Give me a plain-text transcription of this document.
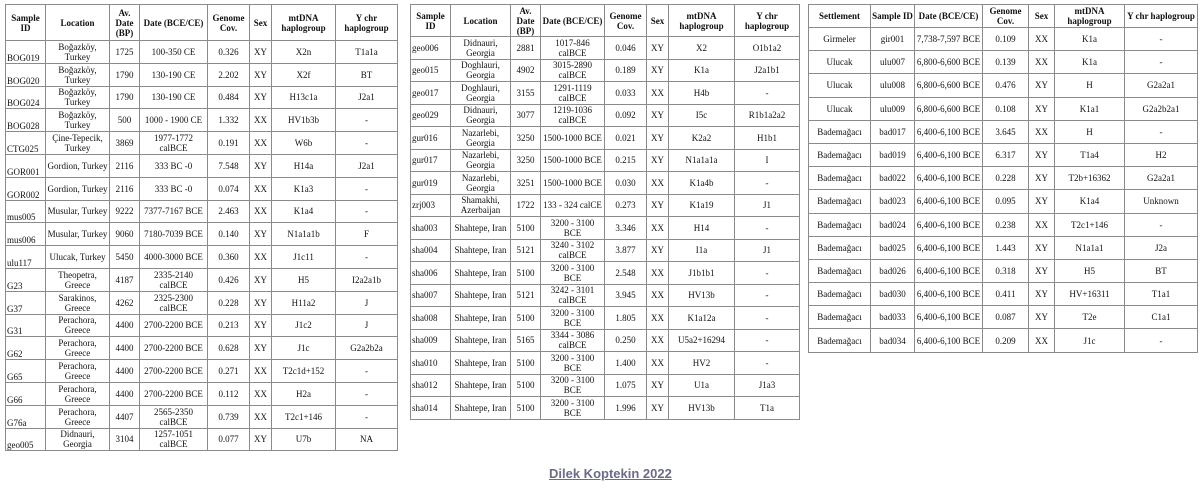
Sample ID	Location	Av. Date (BP)	Date (BCE/CE)	Genome Cov.	Sex	mtDNA haplogroup	Y chr haplogroup
BOG019	Boğazköy, Turkey	1725	100-350 CE	0.326	XY	X2n	T1a1a
BOG020	Boğazköy, Turkey	1790	130-190 CE	2.202	XY	X2f	BT
BOG024	Boğazköy, Turkey	1790	130-190 CE	0.484	XY	H13c1a	J2a1
BOG028	Boğazköy, Turkey	500	1000 - 1900 CE	1.332	XX	HV1b3b	-
CTG025	Çine-Tepecik, Turkey	3869	1977-1772 calBCE	0.191	XX	W6b	-
GOR001	Gordion, Turkey	2116	333 BC -0	7.548	XY	H14a	J2a1
GOR002	Gordion, Turkey	2116	333 BC -0	0.074	XX	K1a3	-
mus005	Musular, Turkey	9222	7377-7167 BCE	2.463	XX	K1a4	-
mus006	Musular, Turkey	9060	7180-7039 BCE	0.140	XY	N1a1a1b	F
ulu117	Ulucak, Turkey	5450	4000-3000 BCE	0.360	XX	J1c11	-
G23	Theopetra, Greece	4187	2335-2140 calBCE	0.426	XY	H5	I2a2a1b
G37	Sarakinos, Greece	4262	2325-2300 calBCE	0.228	XY	H11a2	J
G31	Perachora, Greece	4400	2700-2200 BCE	0.213	XY	J1c2	J
G62	Perachora, Greece	4400	2700-2200 BCE	0.628	XY	J1c	G2a2b2a
G65	Perachora, Greece	4400	2700-2200 BCE	0.271	XX	T2c1d+152	-
G66	Perachora, Greece	4400	2700-2200 BCE	0.112	XX	H2a	-
G76a	Perachora, Greece	4407	2565-2350 calBCE	0.739	XX	T2c1+146	-
geo005	Didnauri, Georgia	3104	1257-1051 calBCE	0.077	XY	U7b	NA
Sample ID	Location	Av. Date (BP)	Date (BCE/CE)	Genome Cov.	Sex	mtDNA haplogroup	Y chr haplogroup
geo006	Didnauri, Georgia	2881	1017-846 calBCE	0.046	XY	X2	O1b1a2
geo015	Doghlauri, Georgia	4902	3015-2890 calBCE	0.189	XY	K1a	J2a1b1
geo017	Doghlauri, Georgia	3155	1291-1119 calBCE	0.033	XX	H4b	-
geo029	Didnauri, Georgia	3077	1219-1036 calBCE	0.092	XY	I5c	R1b1a2a2
gur016	Nazarlebi, Georgia	3250	1500-1000 BCE	0.021	XY	K2a2	H1b1
gur017	Nazarlebi, Georgia	3250	1500-1000 BCE	0.215	XY	N1a1a1a	I
gur019	Nazarlebi, Georgia	3251	1500-1000 BCE	0.030	XX	K1a4b	-
zrj003	Shamakhi, Azerbaijan	1722	133 - 324 calCE	0.273	XY	K1a19	J1
sha003	Shahtepe, Iran	5100	3200 - 3100 BCE	3.346	XX	H14	-
sha004	Shahtepe, Iran	5121	3240 - 3102 calBCE	3.877	XY	I1a	J1
sha006	Shahtepe, Iran	5100	3200 - 3100 BCE	2.548	XX	J1b1b1	-
sha007	Shahtepe, Iran	5121	3242 - 3101 calBCE	3.945	XX	HV13b	-
sha008	Shahtepe, Iran	5100	3200 - 3100 BCE	1.805	XX	K1a12a	-
sha009	Shahtepe, Iran	5165	3344 - 3086 calBCE	0.250	XX	U5a2+16294	-
sha010	Shahtepe, Iran	5100	3200 - 3100 BCE	1.400	XX	HV2	-
sha012	Shahtepe, Iran	5100	3200 - 3100 BCE	1.075	XY	U1a	J1a3
sha014	Shahtepe, Iran	5100	3200 - 3100 BCE	1.996	XY	HV13b	T1a
Settlement	Sample ID	Date (BCE/CE)	Genome Cov.	Sex	mtDNA haplogroup	Y chr haplogroup
Girmeler	gir001	7,738-7,597 BCE	0.109	XX	K1a	-
Ulucak	ulu007	6,800-6,600 BCE	0.139	XX	K1a	-
Ulucak	ulu008	6,800-6,600 BCE	0.476	XY	H	G2a2a1
Ulucak	ulu009	6,800-6,600 BCE	0.108	XY	K1a1	G2a2b2a1
Bademağacı	bad017	6,400-6,100 BCE	3.645	XX	H	-
Bademağacı	bad019	6,400-6,100 BCE	6.317	XY	T1a4	H2
Bademağacı	bad022	6,400-6,100 BCE	0.228	XY	T2b+16362	G2a2a1
Bademağacı	bad023	6,400-6,100 BCE	0.095	XY	K1a4	Unknown
Bademağacı	bad024	6,400-6,100 BCE	0.238	XX	T2c1+146	-
Bademağacı	bad025	6,400-6,100 BCE	1.443	XY	N1a1a1	J2a
Bademağacı	bad026	6,400-6,100 BCE	0.318	XY	H5	BT
Bademağacı	bad030	6,400-6,100 BCE	0.411	XY	HV+16311	T1a1
Bademağacı	bad033	6,400-6,100 BCE	0.087	XY	T2e	C1a1
Bademağacı	bad034	6,400-6,100 BCE	0.209	XX	J1c	-
Dilek Koptekin 2022
